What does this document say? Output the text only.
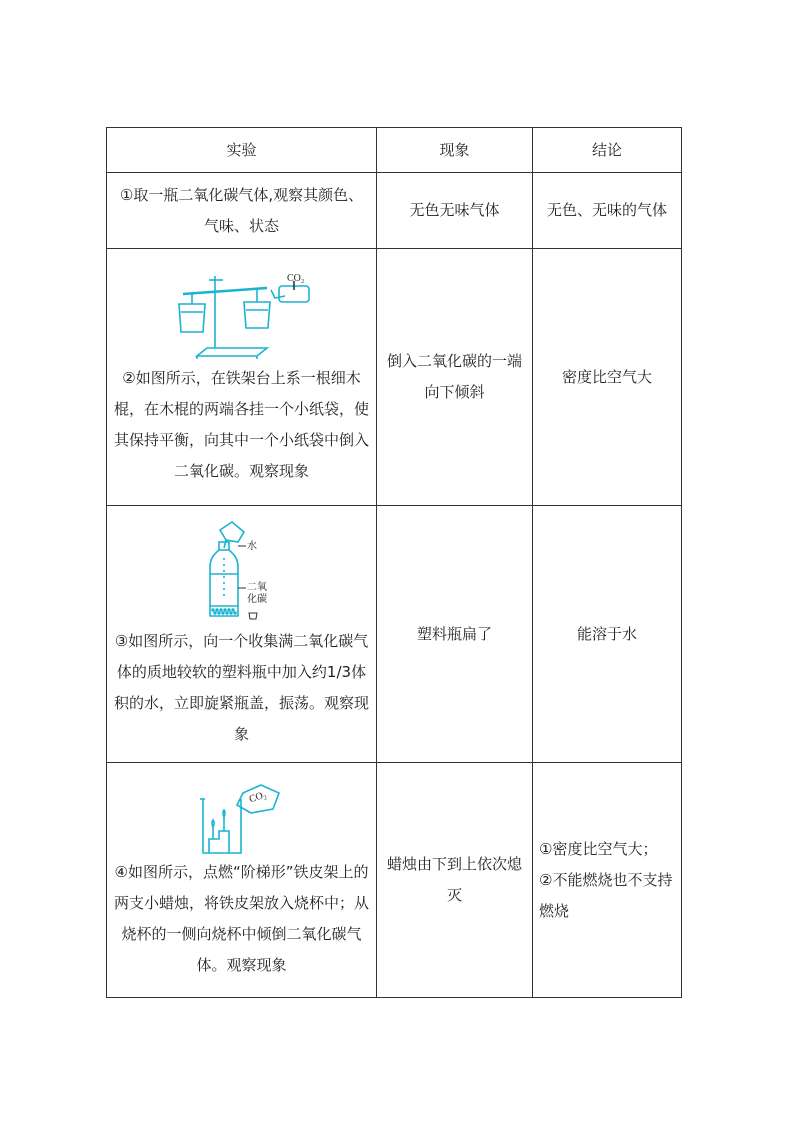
实验	现象	结论

①取一瓶二氧化碳气体,观察其颜色、气味、状态	无色无味气体	无色、无味的气体

CO₂
②如图所示，在铁架台上系一根细木棍，在木棍的两端各挂一个小纸袋，使其保持平衡，向其中一个小纸袋中倒入二氧化碳。观察现象	倒入二氧化碳的一端向下倾斜	密度比空气大

水
二氧
化碳
③如图所示，向一个收集满二氧化碳气体的质地较软的塑料瓶中加入约1/3体积的水，立即旋紧瓶盖，振荡。观察现象	塑料瓶扁了	能溶于水

CO₂
④如图所示，点燃“阶梯形”铁皮架上的两支小蜡烛，将铁皮架放入烧杯中；从烧杯的一侧向烧杯中倾倒二氧化碳气体。观察现象	蜡烛由下到上依次熄灭	①密度比空气大；
②不能燃烧也不支持燃烧
